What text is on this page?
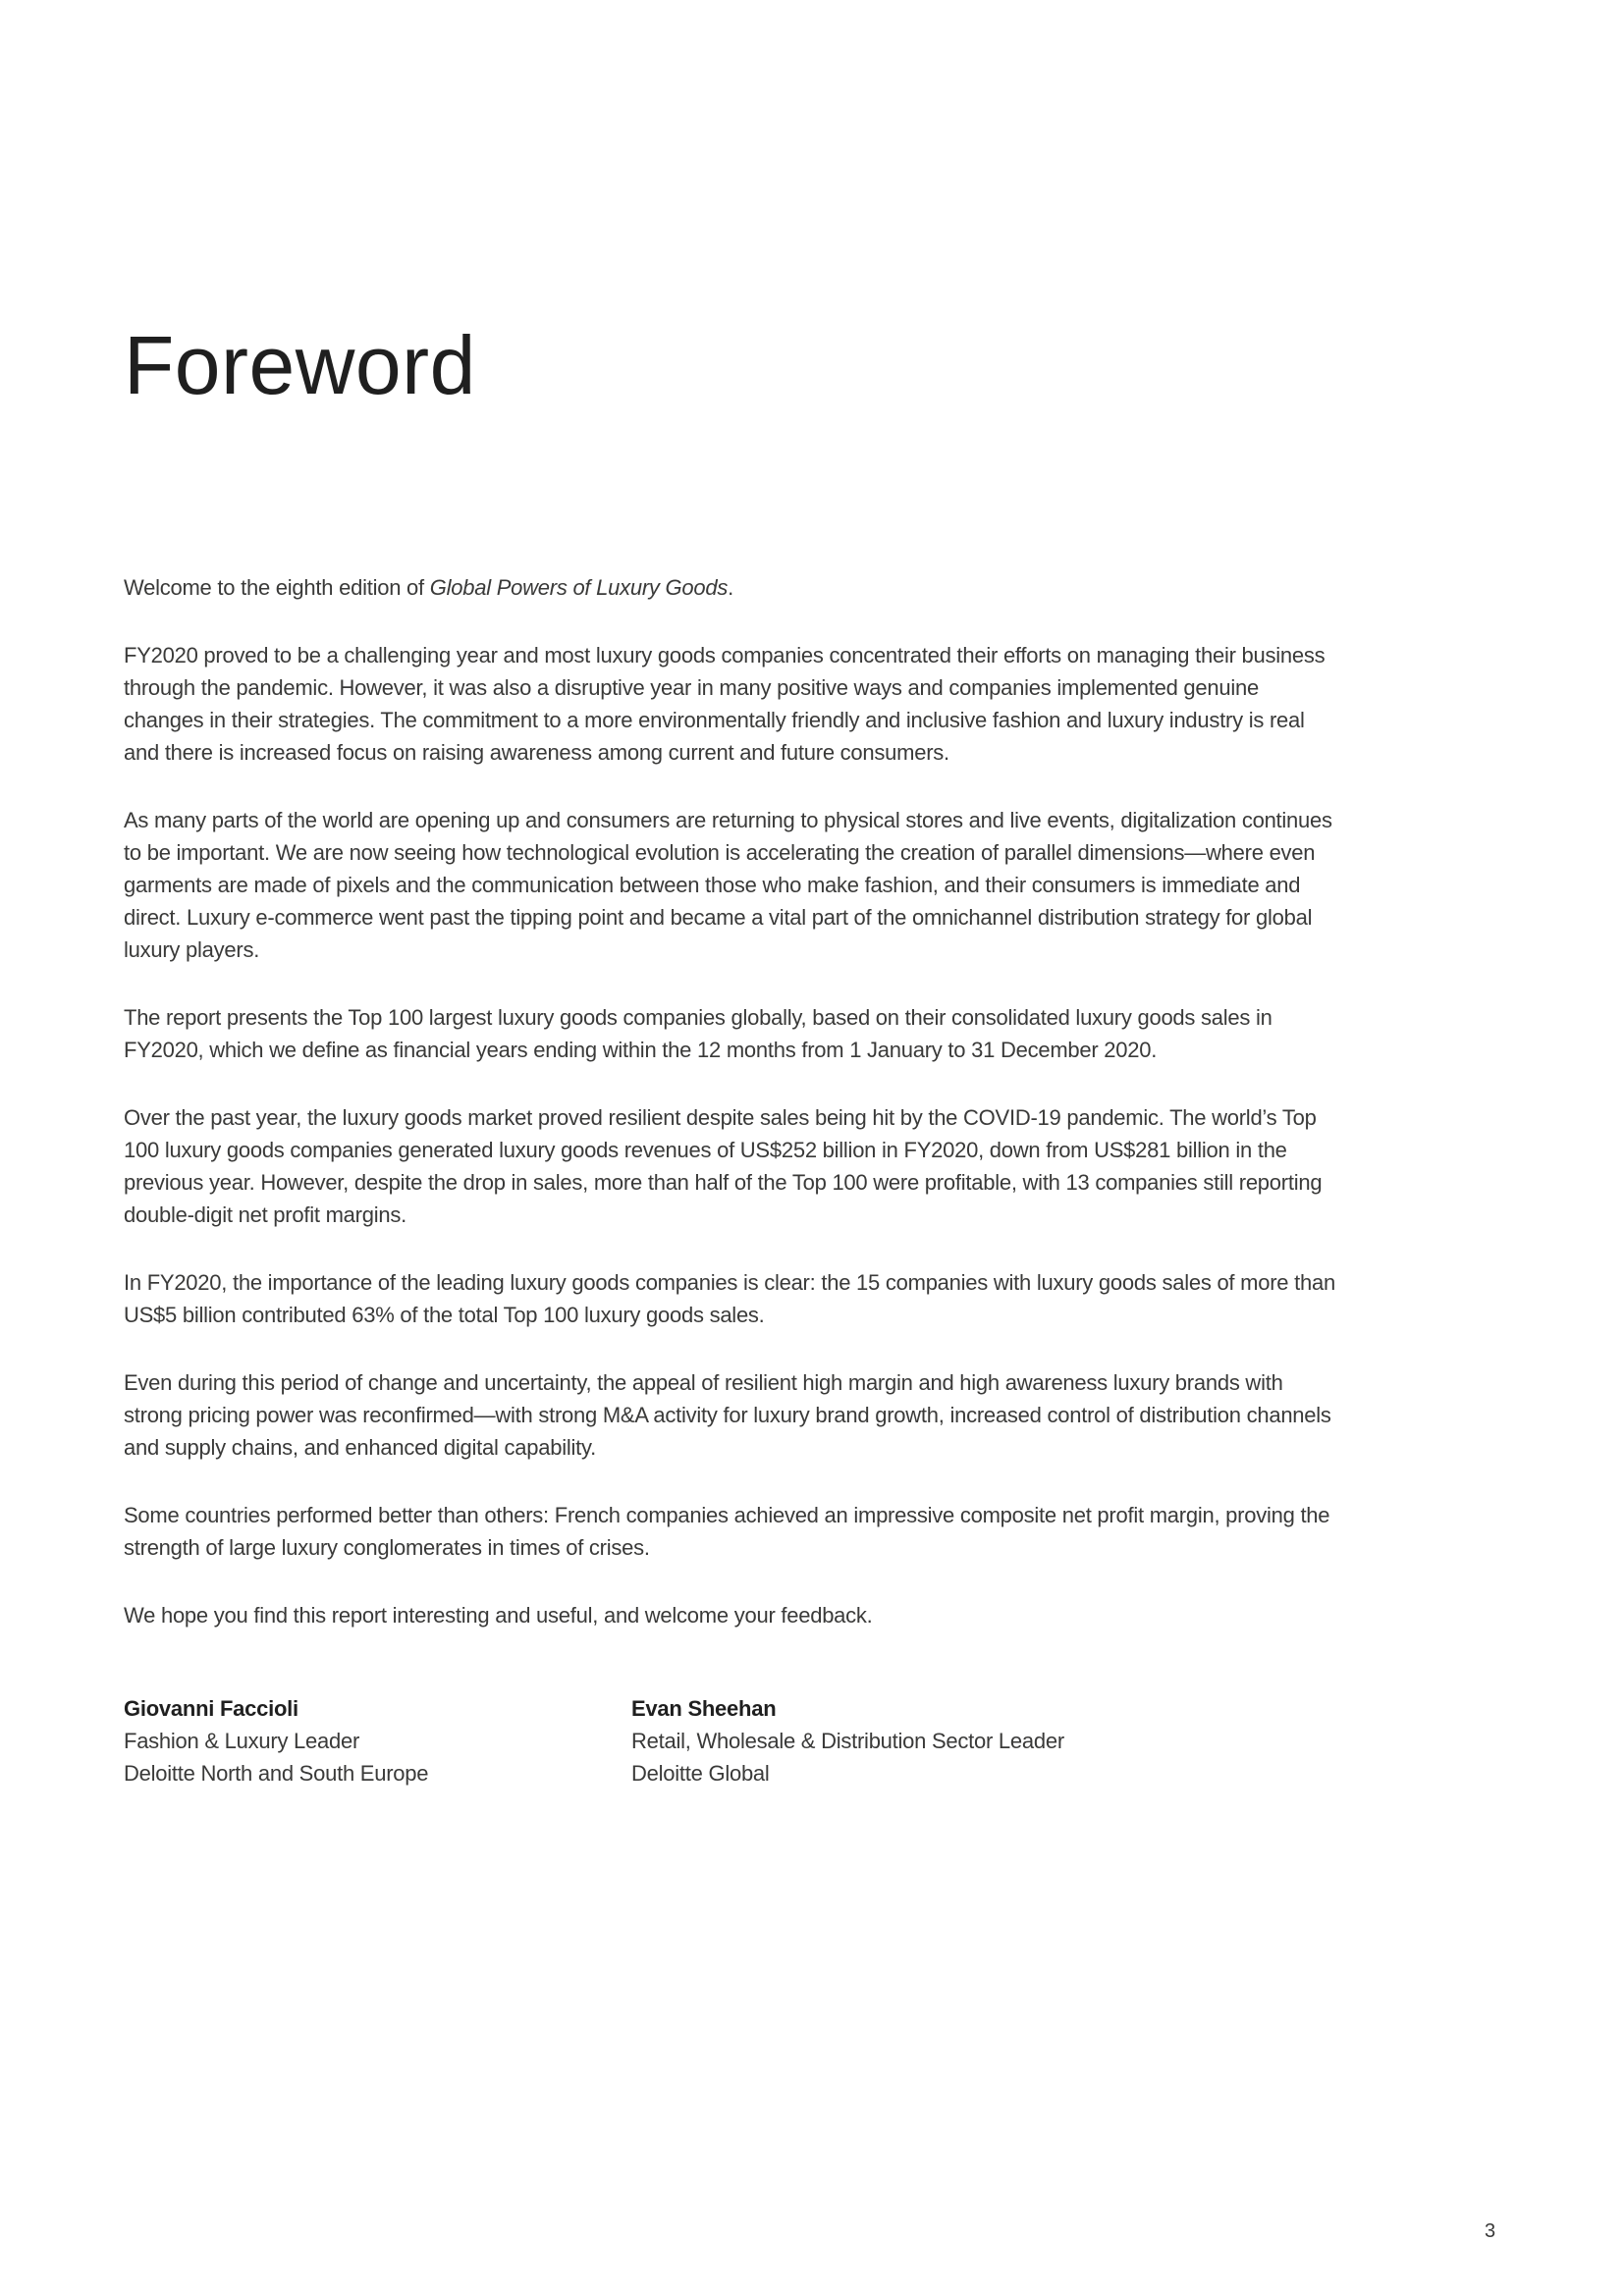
Foreword

Welcome to the eighth edition of Global Powers of Luxury Goods.

FY2020 proved to be a challenging year and most luxury goods companies concentrated their efforts on managing their business through the pandemic. However, it was also a disruptive year in many positive ways and companies implemented genuine changes in their strategies. The commitment to a more environmentally friendly and inclusive fashion and luxury industry is real and there is increased focus on raising awareness among current and future consumers.

As many parts of the world are opening up and consumers are returning to physical stores and live events, digitalization continues to be important. We are now seeing how technological evolution is accelerating the creation of parallel dimensions—where even garments are made of pixels and the communication between those who make fashion, and their consumers is immediate and direct. Luxury e-commerce went past the tipping point and became a vital part of the omnichannel distribution strategy for global luxury players.

The report presents the Top 100 largest luxury goods companies globally, based on their consolidated luxury goods sales in FY2020, which we define as financial years ending within the 12 months from 1 January to 31 December 2020.

Over the past year, the luxury goods market proved resilient despite sales being hit by the COVID-19 pandemic. The world’s Top 100 luxury goods companies generated luxury goods revenues of US$252 billion in FY2020, down from US$281 billion in the previous year. However, despite the drop in sales, more than half of the Top 100 were profitable, with 13 companies still reporting double-digit net profit margins.

In FY2020, the importance of the leading luxury goods companies is clear: the 15 companies with luxury goods sales of more than US$5 billion contributed 63% of the total Top 100 luxury goods sales.

Even during this period of change and uncertainty, the appeal of resilient high margin and high awareness luxury brands with strong pricing power was reconfirmed—with strong M&A activity for luxury brand growth, increased control of distribution channels and supply chains, and enhanced digital capability.

Some countries performed better than others: French companies achieved an impressive composite net profit margin, proving the strength of large luxury conglomerates in times of crises.

We hope you find this report interesting and useful, and welcome your feedback.

Giovanni Faccioli
Fashion & Luxury Leader
Deloitte North and South Europe
Evan Sheehan
Retail, Wholesale & Distribution Sector Leader
Deloitte Global
3
